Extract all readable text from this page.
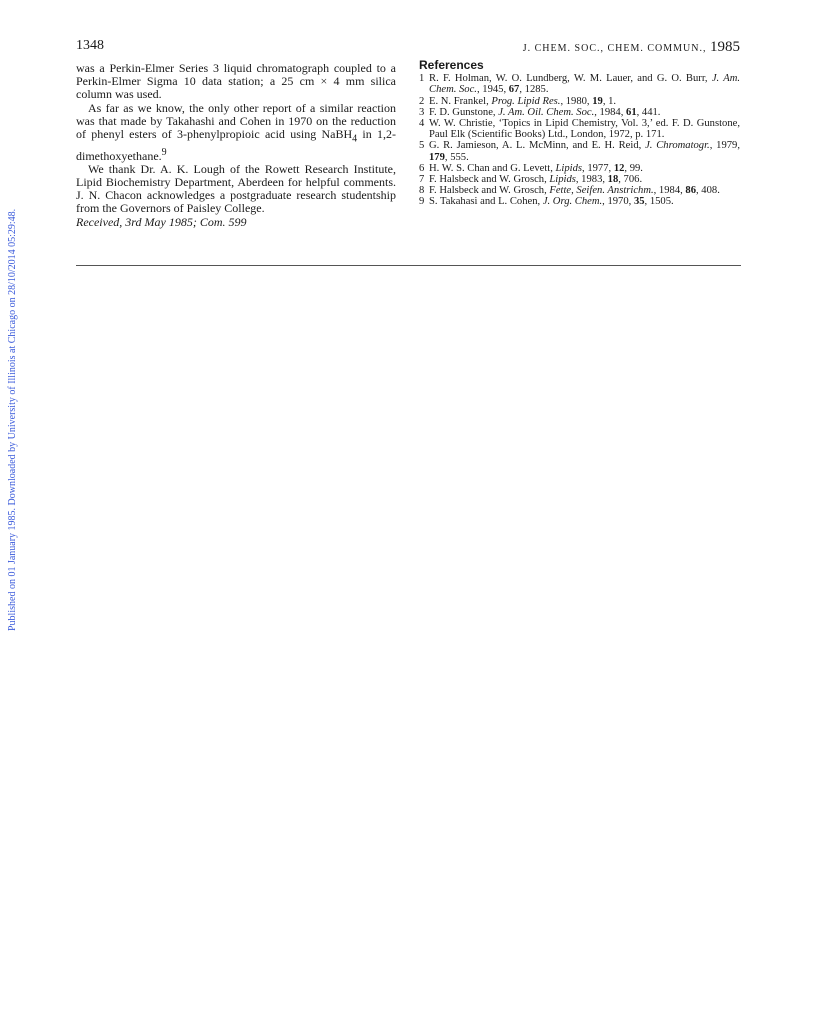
1348	J. CHEM. SOC., CHEM. COMMUN., 1985
Published on 01 January 1985. Downloaded by University of Illinois at Chicago on 28/10/2014 05:29:48.

was a Perkin-Elmer Series 3 liquid chromatograph coupled to a Perkin-Elmer Sigma 10 data station; a 25 cm × 4 mm silica column was used.

As far as we know, the only other report of a similar reaction was that made by Takahashi and Cohen in 1970 on the reduction of phenyl esters of 3-phenylpropioic acid using NaBH$_4$ in 1,2-dimethoxyethane.$^9$

We thank Dr. A. K. Lough of the Rowett Research Institute, Lipid Biochemistry Department, Aberdeen for helpful comments. J. N. Chacon acknowledges a postgraduate research studentship from the Governors of Paisley College.

Received, 3rd May 1985; Com. 599

References
1 R. F. Holman, W. O. Lundberg, W. M. Lauer, and G. O. Burr, J. Am. Chem. Soc., 1945, 67, 1285.
2 E. N. Frankel, Prog. Lipid Res., 1980, 19, 1.
3 F. D. Gunstone, J. Am. Oil. Chem. Soc., 1984, 61, 441.
4 W. W. Christie, ‘Topics in Lipid Chemistry, Vol. 3,’ ed. F. D. Gunstone, Paul Elk (Scientific Books) Ltd., London, 1972, p. 171.
5 G. R. Jamieson, A. L. McMinn, and E. H. Reid, J. Chromatogr., 1979, 179, 555.
6 H. W. S. Chan and G. Levett, Lipids, 1977, 12, 99.
7 F. Halsbeck and W. Grosch, Lipids, 1983, 18, 706.
8 F. Halsbeck and W. Grosch, Fette, Seifen. Anstrichm., 1984, 86, 408.
9 S. Takahasi and L. Cohen, J. Org. Chem., 1970, 35, 1505.
